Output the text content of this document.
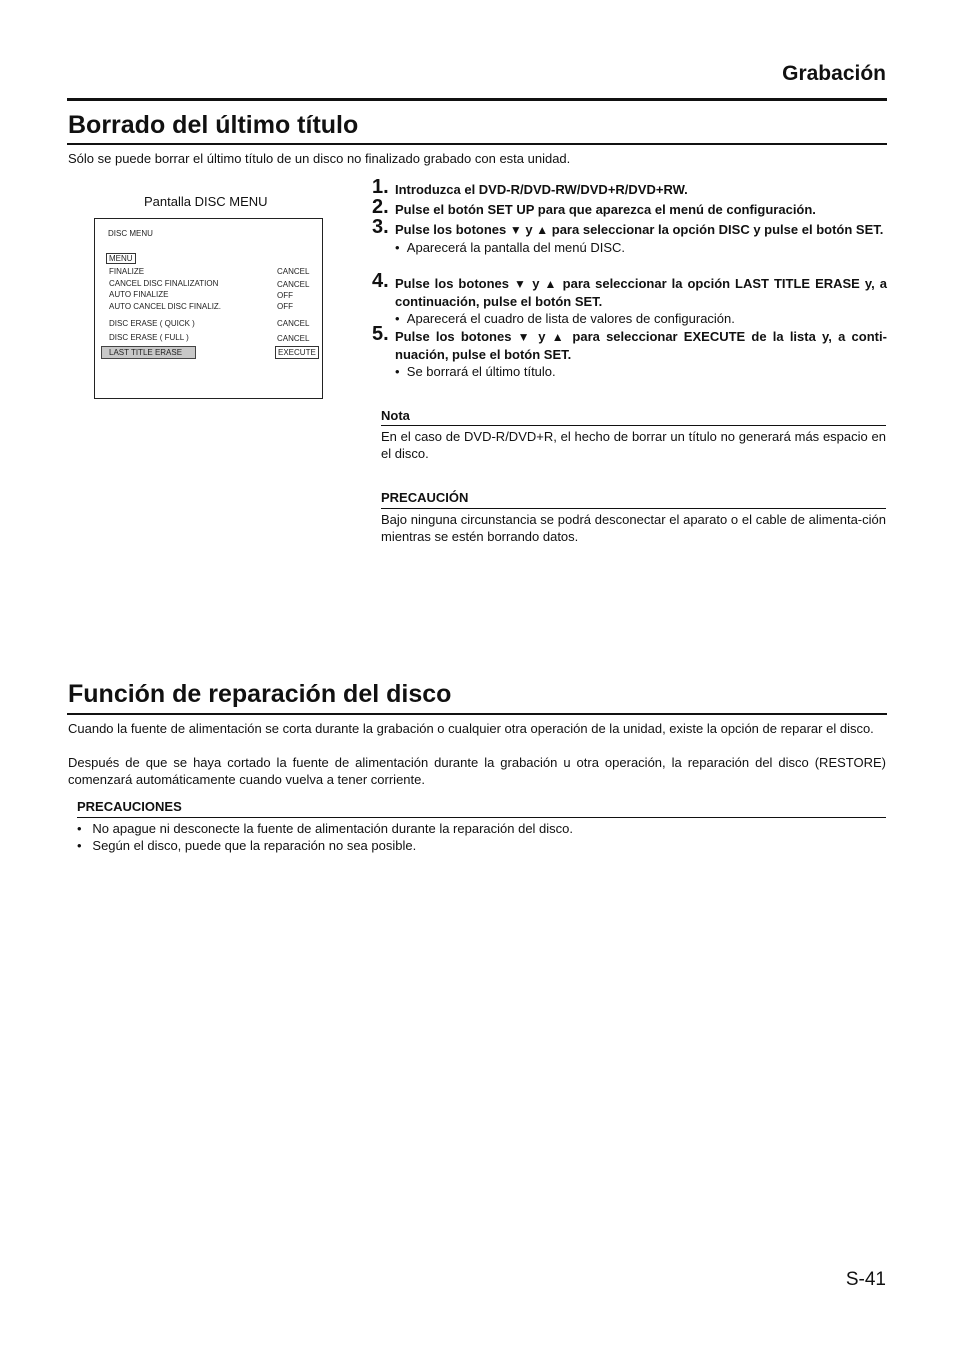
Grabación
Borrado del último título
Sólo se puede borrar el último título de un disco no finalizado grabado con esta unidad.
Pantalla DISC MENU
DISC MENU
MENU
FINALIZE	CANCEL
CANCEL DISC FINALIZATION	CANCEL
AUTO FINALIZE	OFF
AUTO CANCEL DISC FINALIZ.	OFF
DISC ERASE ( QUICK )	CANCEL
DISC ERASE ( FULL )	CANCEL
LAST TITLE ERASE	EXECUTE
1. Introduzca el DVD-R/DVD-RW/DVD+R/DVD+RW.
2. Pulse el botón SET UP para que aparezca el menú de configuración.
3. Pulse los botones ▼ y ▲ para seleccionar la opción DISC y pulse el botón SET.
• Aparecerá la pantalla del menú DISC.
4. Pulse los botones ▼ y ▲ para seleccionar la opción LAST TITLE ERASE y, a continuación, pulse el botón SET.
• Aparecerá el cuadro de lista de valores de configuración.
5. Pulse los botones ▼ y ▲ para seleccionar EXECUTE de la lista y, a conti-nuación, pulse el botón SET.
• Se borrará el último título.
Nota
En el caso de DVD-R/DVD+R, el hecho de borrar un título no generará más espacio en el disco.
PRECAUCIÓN
Bajo ninguna circunstancia se podrá desconectar el aparato o el cable de alimenta-ción mientras se estén borrando datos.
Función de reparación del disco
Cuando la fuente de alimentación se corta durante la grabación o cualquier otra operación de la unidad, existe la opción de reparar el disco.
Después de que se haya cortado la fuente de alimentación durante la grabación u otra operación, la reparación del disco (RESTORE) comenzará automáticamente cuando vuelva a tener corriente.
PRECAUCIONES
• No apague ni desconecte la fuente de alimentación durante la reparación del disco.
• Según el disco, puede que la reparación no sea posible.
S-41
